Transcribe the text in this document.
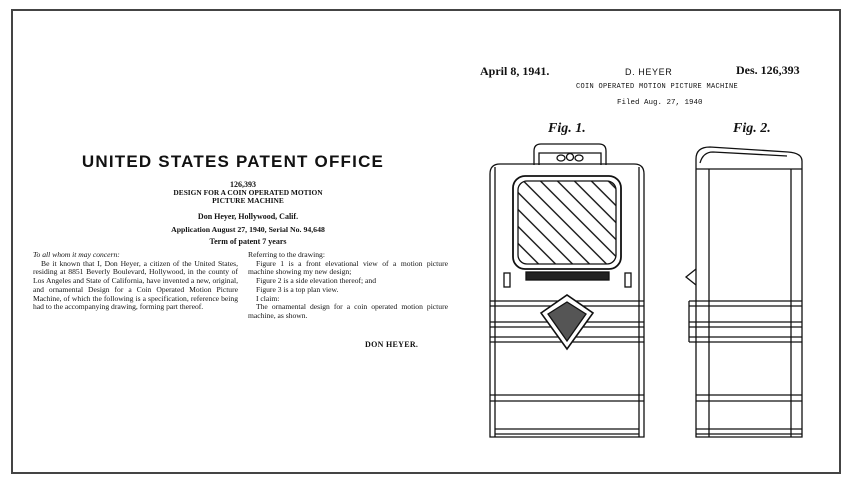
UNITED STATES PATENT OFFICE
126,393
DESIGN FOR A COIN OPERATED MOTION PICTURE MACHINE
Don Heyer, Hollywood, Calif.
Application August 27, 1940, Serial No. 94,648
Term of patent 7 years

To all whom it may concern:

Be it known that I, Don Heyer, a citizen of the United States, residing at 8851 Beverly Boulevard, Hollywood, in the county of Los Angeles and State of California, have invented a new, original, and ornamental Design for a Coin Operated Motion Picture Machine, of which the following is a specification, reference being had to the accompanying drawing, forming part thereof.

Referring to the drawing:

Figure 1 is a front elevational view of a motion picture machine showing my new design;

Figure 2 is a side elevation thereof; and

Figure 3 is a top plan view.

I claim:

The ornamental design for a coin operated motion picture machine, as shown.

DON HEYER.
April 8, 1941.	D. HEYER	Des. 126,393
COIN OPERATED MOTION PICTURE MACHINE
Filed Aug. 27, 1940
Fig. 1.	Fig. 2.
